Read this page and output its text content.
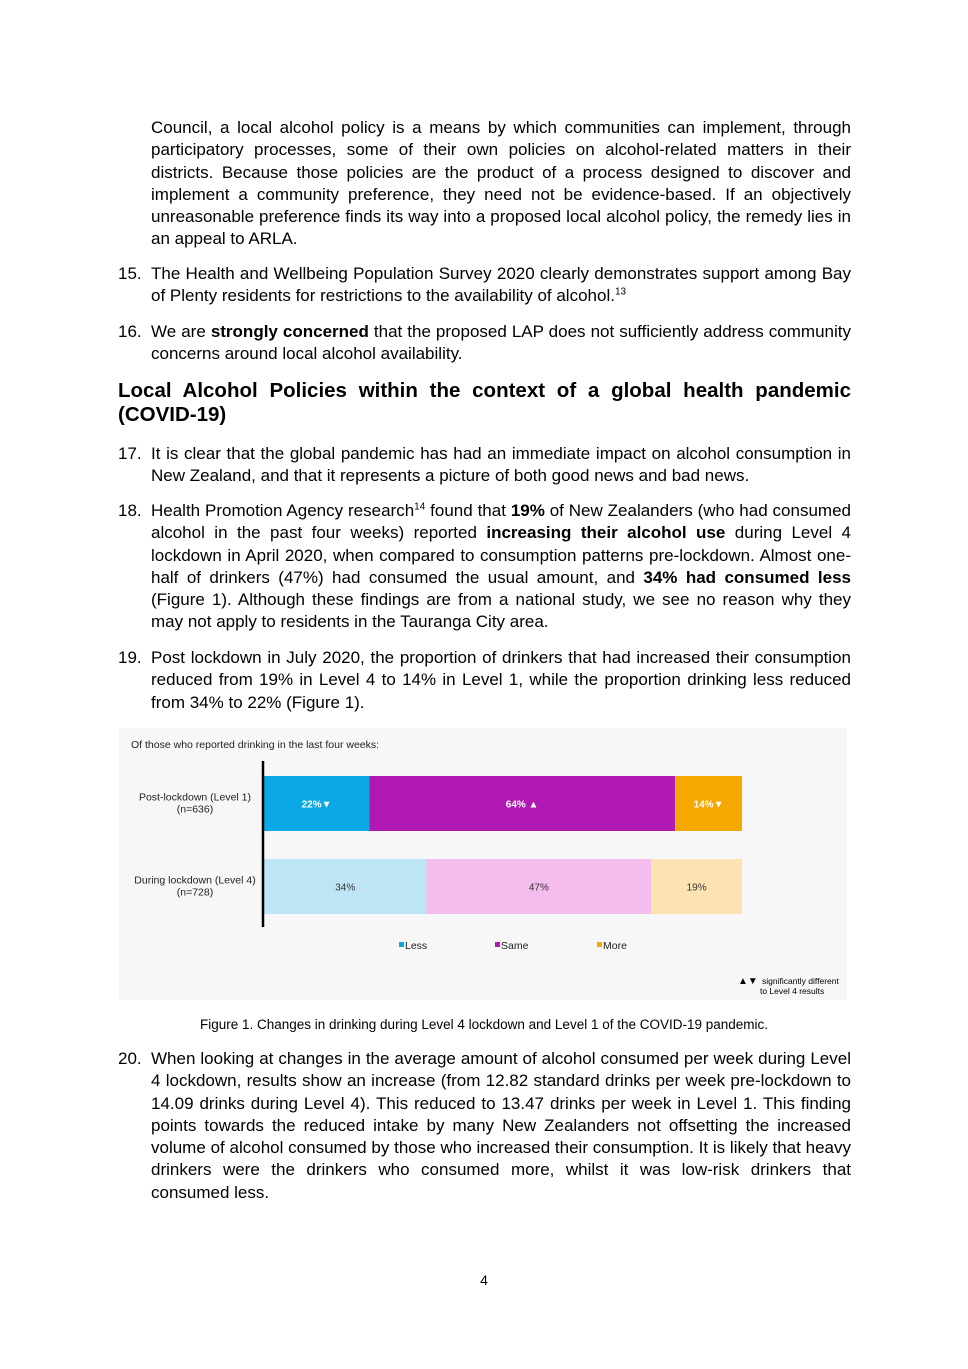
Council, a local alcohol policy is a means by which communities can implement, through participatory processes, some of their own policies on alcohol-related matters in their districts. Because those policies are the product of a process designed to discover and implement a community preference, they need not be evidence-based. If an objectively unreasonable preference finds its way into a proposed local alcohol policy, the remedy lies in an appeal to ARLA.
15. The Health and Wellbeing Population Survey 2020 clearly demonstrates support among Bay of Plenty residents for restrictions to the availability of alcohol.$^{13}$
16. We are strongly concerned that the proposed LAP does not sufficiently address community concerns around local alcohol availability.
Local Alcohol Policies within the context of a global health pandemic (COVID-19)
17. It is clear that the global pandemic has had an immediate impact on alcohol consumption in New Zealand, and that it represents a picture of both good news and bad news.
18. Health Promotion Agency research$^{14}$ found that 19% of New Zealanders (who had consumed alcohol in the past four weeks) reported increasing their alcohol use during Level 4 lockdown in April 2020, when compared to consumption patterns pre-lockdown. Almost one-half of drinkers (47%) had consumed the usual amount, and 34% had consumed less (Figure 1). Although these findings are from a national study, we see no reason why they may not apply to residents in the Tauranga City area.
19. Post lockdown in July 2020, the proportion of drinkers that had increased their consumption reduced from 19% in Level 4 to 14% in Level 1, while the proportion drinking less reduced from 34% to 22% (Figure 1).
Of those who reported drinking in the last four weeks:
Post-lockdown (Level 1)
(n=636)
During lockdown (Level 4)
(n=728)
22%▼	64% ▲	14%▼
34%	47%	19%
Less	Same	More
▲▼ significantly different
to Level 4 results
Figure 1. Changes in drinking during Level 4 lockdown and Level 1 of the COVID-19 pandemic.
20. When looking at changes in the average amount of alcohol consumed per week during Level 4 lockdown, results show an increase (from 12.82 standard drinks per week pre-lockdown to 14.09 drinks during Level 4). This reduced to 13.47 drinks per week in Level 1. This finding points towards the reduced intake by many New Zealanders not offsetting the increased volume of alcohol consumed by those who increased their consumption. It is likely that heavy drinkers were the drinkers who consumed more, whilst it was low-risk drinkers that consumed less.
4
